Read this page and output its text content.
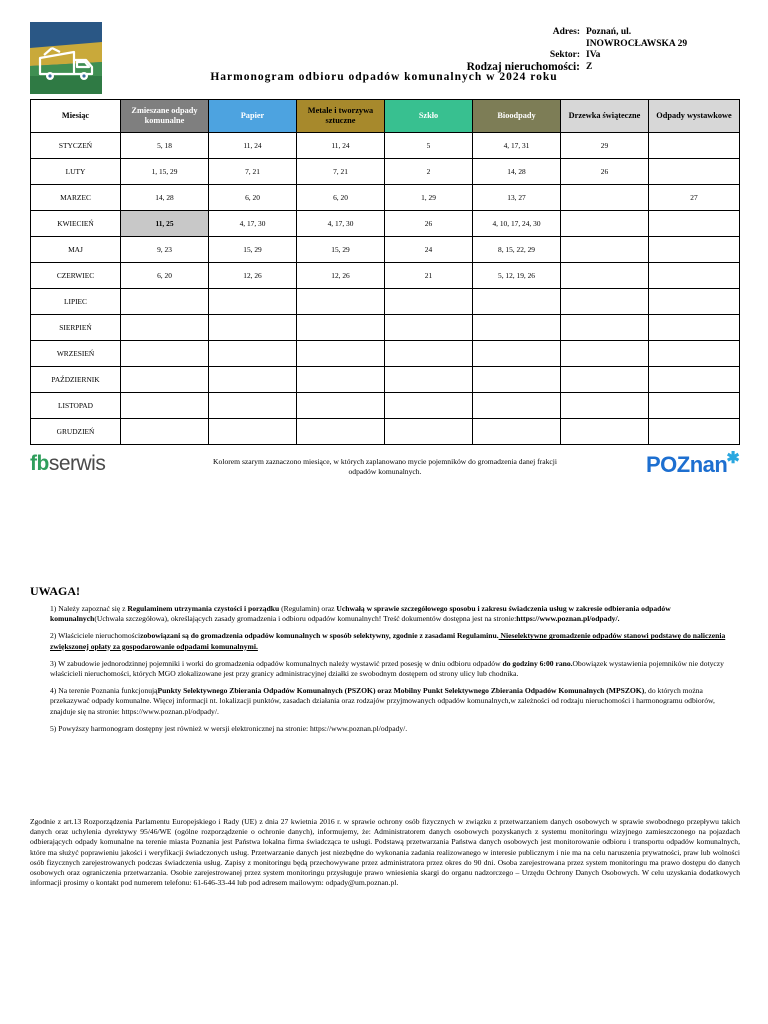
Adres: Poznań, ul. INOWROCŁAWSKA 29
Sektor: IVa
Rodzaj nieruchomości: Z
Harmonogram odbioru odpadów komunalnych w 2024 roku
Miesiąc	Zmieszane odpady komunalne	Papier	Metale i tworzywa sztuczne	Szkło	Bioodpady	Drzewka świąteczne	Odpady wystawkowe
STYCZEŃ	5, 18	11, 24	11, 24	5	4, 17, 31	29	
LUTY	1, 15, 29	7, 21	7, 21	2	14, 28	26	
MARZEC	14, 28	6, 20	6, 20	1, 29	13, 27		27
KWIECIEŃ	11, 25	4, 17, 30	4, 17, 30	26	4, 10, 17, 24, 30		
MAJ	9, 23	15, 29	15, 29	24	8, 15, 22, 29		
CZERWIEC	6, 20	12, 26	12, 26	21	5, 12, 19, 26		
LIPIEC							
SIERPIEŃ							
WRZESIEŃ							
PAŹDZIERNIK							
LISTOPAD							
GRUDZIEŃ							
fbserwis	Kolorem szarym zaznaczono miesiące, w których zaplanowano mycie pojemników do gromadzenia danej frakcji odpadów komunalnych.	POZnan✱
UWAGA!

1) Należy zapoznać się z Regulaminem utrzymania czystości i porządku (Regulamin) oraz Uchwałą w sprawie szczegółowego sposobu i zakresu świadczenia usług w zakresie odbierania odpadów komunalnych(Uchwała szczegółowa), określających zasady gromadzenia i odbioru odpadów komunalnych! Treść dokumentów dostępna jest na stronie:https://www.poznan.pl/odpady/.

2) Właściciele nieruchomościzobowiązani są do gromadzenia odpadów komunalnych w sposób selektywny, zgodnie z zasadami Regulaminu. Nieselektywne gromadzenie odpadów stanowi podstawę do naliczenia zwiększonej opłaty za gospodarowanie odpadami komunalnymi.

3) W zabudowie jednorodzinnej pojemniki i worki do gromadzenia odpadów komunalnych należy wystawić przed posesję w dniu odbioru odpadów do godziny 6:00 rano.Obowiązek wystawienia pojemników nie dotyczy właścicieli nieruchomości, których MGO zlokalizowane jest przy granicy administracyjnej działki ze swobodnym dostępem od strony ulicy lub chodnika.

4) Na terenie Poznania funkcjonująPunkty Selektywnego Zbierania Odpadów Komunalnych (PSZOK) oraz Mobilny Punkt Selektywnego Zbierania Odpadów Komunalnych (MPSZOK), do których można przekazywać odpady komunalne. Więcej informacji nt. lokalizacji punktów, zasadach działania oraz rodzajów przyjmowanych odpadów komunalnych,w zależności od rodzaju nieruchomości i harmonogramu odbiorów, znajduje się na stronie: https://www.poznan.pl/odpady/.

5) Powyższy harmonogram dostępny jest również w wersji elektronicznej na stronie: https://www.poznan.pl/odpady/.

Zgodnie z art.13 Rozporządzenia Parlamentu Europejskiego i Rady (UE) z dnia 27 kwietnia 2016 r. w sprawie ochrony osób fizycznych w związku z przetwarzaniem danych osobowych w sprawie swobodnego przepływu takich danych oraz uchylenia dyrektywy 95/46/WE (ogólne rozporządzenie o ochronie danych), informujemy, że: Administratorem danych osobowych pozyskanych z systemu monitoringu wizyjnego zamieszczonego na pojazdach odbierających odpady komunalne na terenie miasta Poznania jest Państwa lokalna firma świadcząca te usługi. Podstawą przetwarzania Państwa danych osobowych jest monitorowanie odbioru i transportu odpadów komunalnych, które ma służyć poprawieniu jakości i weryfikacji świadczonych usług. Przetwarzanie danych jest niezbędne do wykonania zadania realizowanego w interesie publicznym i nie ma na celu naruszenia prywatności, praw lub wolności osób fizycznych zarejestrowanych podczas świadczenia usług. Zapisy z monitoringu będą przechowywane przez administratora przez okres do 90 dni. Osoba zarejestrowana przez system monitoringu ma prawo dostępu do danych osobowych oraz ograniczenia przetwarzania. Osobie zarejestrowanej przez system monitoringu przysługuje prawo wniesienia skargi do organu nadzorczego – Urzędu Ochrony Danych Osobowych. W celu uzyskania dodatkowych informacji prosimy o kontakt pod numerem telefonu: 61-646-33-44 lub pod adresem mailowym: odpady@um.poznan.pl.
